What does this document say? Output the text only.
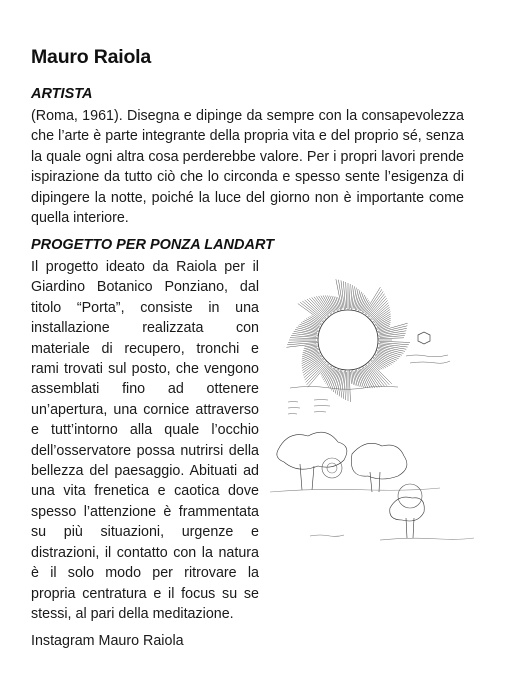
Mauro Raiola
ARTISTA

(Roma, 1961). Disegna e dipinge da sempre con la consapevolezza che l’arte è parte integrante della propria vita e del proprio sé, senza la quale ogni altra cosa perderebbe valore. Per i propri lavori prende ispirazione da tutto ciò che lo circonda e spesso sente l’esigenza di dipingere la notte, poiché la luce del giorno non è importante come quella interiore.

PROGETTO PER PONZA LANDART

Il progetto ideato da Raiola per il Giardino Botanico Ponziano, dal titolo “Porta”, consiste in una installazione realizzata con materiale di recupero, tronchi e rami trovati sul posto, che vengono assemblati fino ad ottenere un’apertura, una cornice attraverso e tutt’intorno alla quale l’occhio dell’osservatore possa nutrirsi della bellezza del paesaggio. Abituati ad una vita frenetica e caotica dove spesso l’attenzione è frammentata su più situazioni, urgenze e distrazioni, il contatto con la natura è il solo modo per ritrovare la propria centratura e il focus su se stessi, al pari della meditazione.

Instagram Mauro Raiola
